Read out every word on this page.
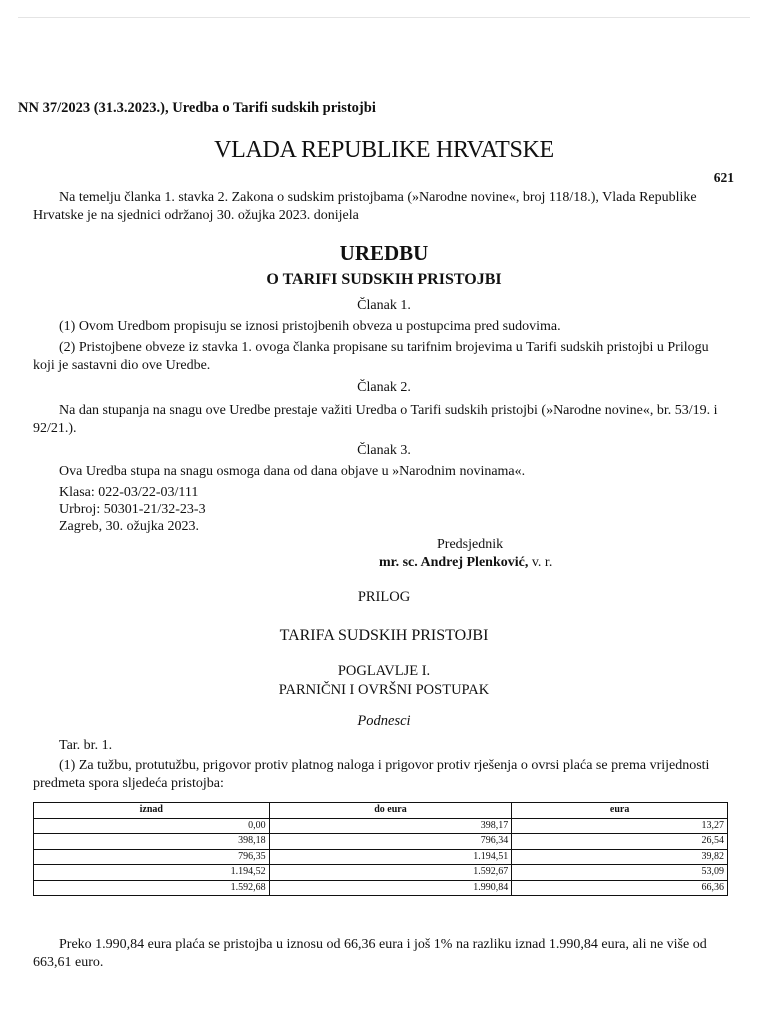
NN 37/2023 (31.3.2023.), Uredba o Tarifi sudskih pristojbi

VLADA REPUBLIKE HRVATSKE

621

Na temelju članka 1. stavka 2. Zakona o sudskim pristojbama (»Narodne novine«, broj 118/18.), Vlada Republike Hrvatske je na sjednici održanoj 30. ožujka 2023. donijela

UREDBU
O TARIFI SUDSKIH PRISTOJBI

Članak 1.

(1) Ovom Uredbom propisuju se iznosi pristojbenih obveza u postupcima pred sudovima.

(2) Pristojbene obveze iz stavka 1. ovoga članka propisane su tarifnim brojevima u Tarifi sudskih pristojbi u Prilogu koji je sastavni dio ove Uredbe.

Članak 2.

Na dan stupanja na snagu ove Uredbe prestaje važiti Uredba o Tarifi sudskih pristojbi (»Narodne novine«, br. 53/19. i 92/21.).

Članak 3.

Ova Uredba stupa na snagu osmoga dana od dana objave u »Narodnim novinama«.

Klasa: 022-03/22-03/111

Urbroj: 50301-21/32-23-3

Zagreb, 30. ožujka 2023.

Predsjednik

mr. sc. Andrej Plenković, v. r.

PRILOG

TARIFA SUDSKIH PRISTOJBI

POGLAVLJE I.

PARNIČNI I OVRŠNI POSTUPAK

Podnesci

Tar. br. 1.

(1) Za tužbu, protutužbu, prigovor protiv platnog naloga i prigovor protiv rješenja o ovrsi plaća se prema vrijednosti predmeta spora sljedeća pristojba:

iznad	do eura	eura
0,00	398,17	13,27
398,18	796,34	26,54
796,35	1.194,51	39,82
1.194,52	1.592,67	53,09
1.592,68	1.990,84	66,36

Preko 1.990,84 eura plaća se pristojba u iznosu od 66,36 eura i još 1% na razliku iznad 1.990,84 eura, ali ne više od 663,61 euro.
